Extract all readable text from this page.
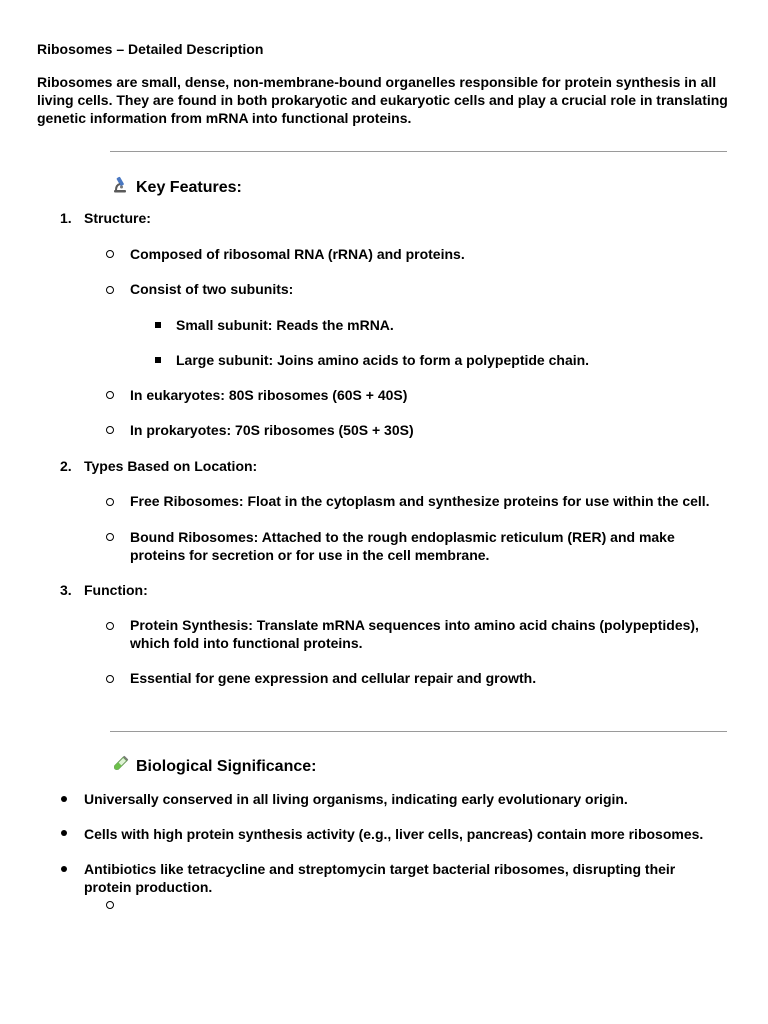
Ribosomes – Detailed Description
Ribosomes are small, dense, non-membrane-bound organelles responsible for protein synthesis in all living cells. They are found in both prokaryotic and eukaryotic cells and play a crucial role in translating genetic information from mRNA into functional proteins.
Key Features:
1. Structure:
Composed of ribosomal RNA (rRNA) and proteins.
Consist of two subunits:
Small subunit: Reads the mRNA.
Large subunit: Joins amino acids to form a polypeptide chain.
In eukaryotes: 80S ribosomes (60S + 40S)
In prokaryotes: 70S ribosomes (50S + 30S)
2. Types Based on Location:
Free Ribosomes: Float in the cytoplasm and synthesize proteins for use within the cell.
Bound Ribosomes: Attached to the rough endoplasmic reticulum (RER) and make proteins for secretion or for use in the cell membrane.
3. Function:
Protein Synthesis: Translate mRNA sequences into amino acid chains (polypeptides), which fold into functional proteins.
Essential for gene expression and cellular repair and growth.
Biological Significance:
Universally conserved in all living organisms, indicating early evolutionary origin.
Cells with high protein synthesis activity (e.g., liver cells, pancreas) contain more ribosomes.
Antibiotics like tetracycline and streptomycin target bacterial ribosomes, disrupting their protein production.
